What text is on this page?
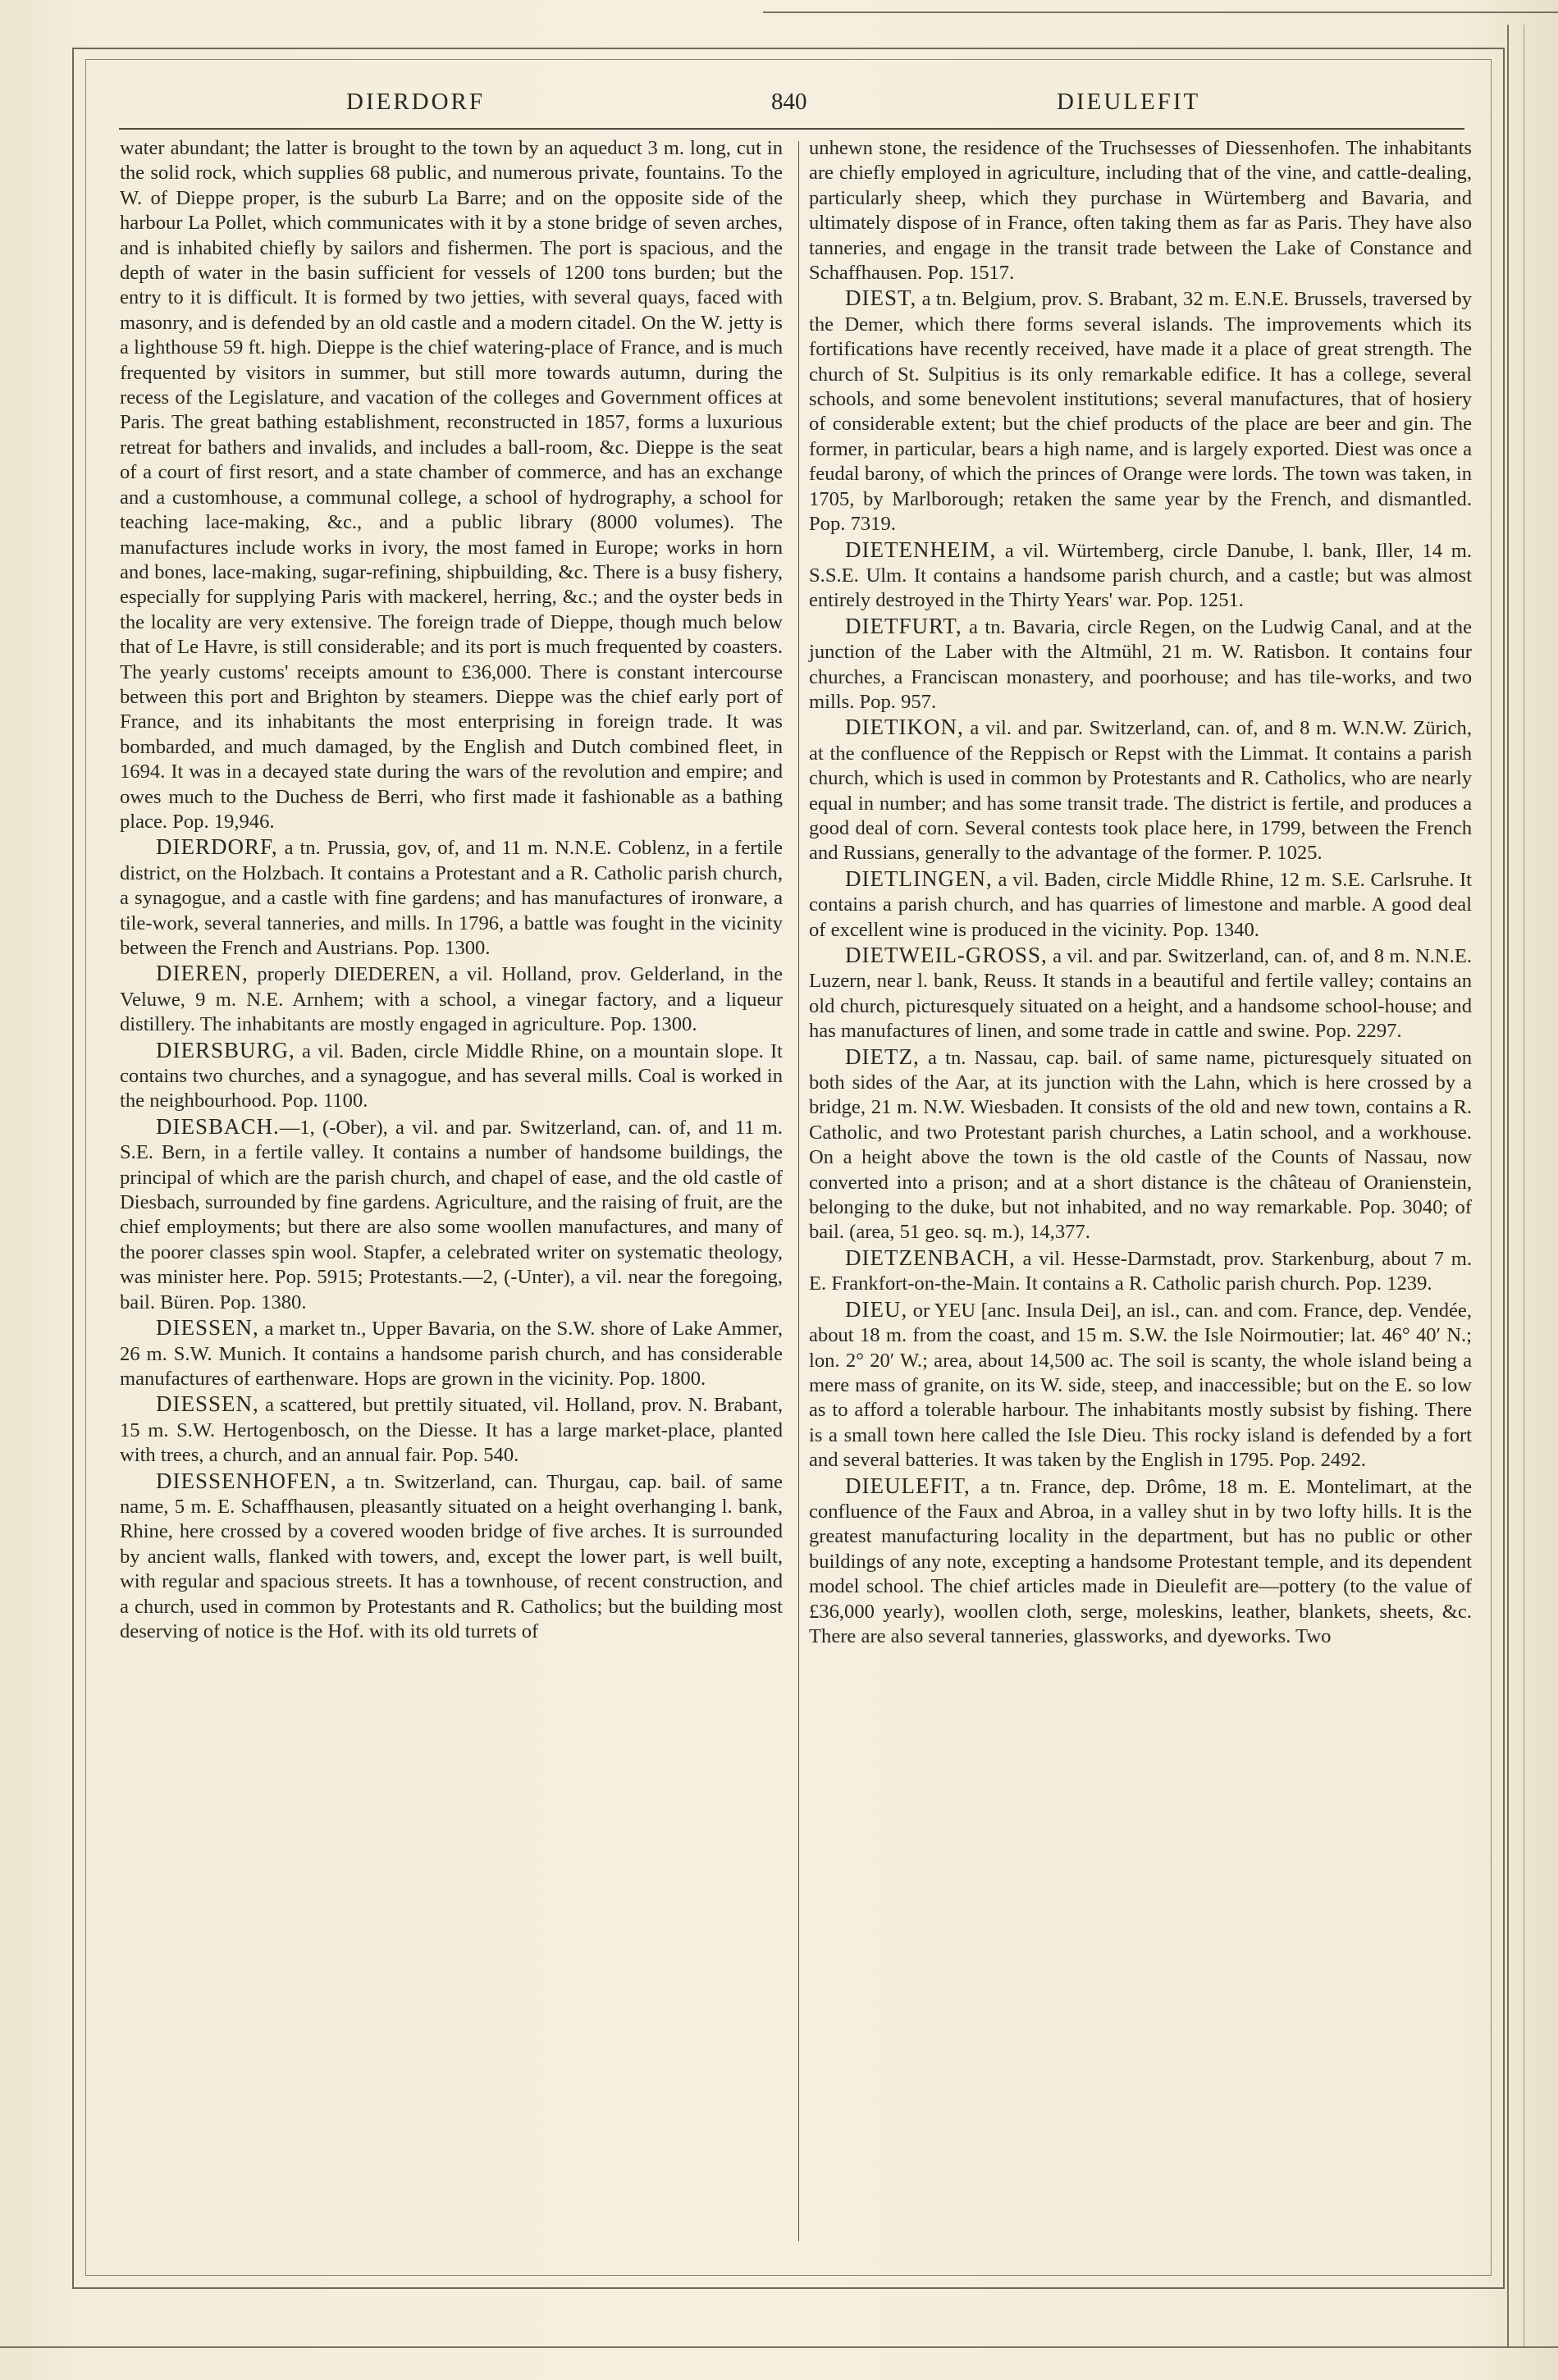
DIERDORF	840	DIEULEFIT

water abundant; the latter is brought to the town by an aqueduct 3 m. long, cut in the solid rock, which supplies 68 public, and numerous private, fountains. To the W. of Dieppe proper, is the suburb La Barre; and on the opposite side of the harbour La Pollet, which communicates with it by a stone bridge of seven arches, and is inhabited chiefly by sailors and fishermen. The port is spacious, and the depth of water in the basin sufficient for vessels of 1200 tons burden; but the entry to it is difficult. It is formed by two jetties, with several quays, faced with masonry, and is defended by an old castle and a modern citadel. On the W. jetty is a lighthouse 59 ft. high. Dieppe is the chief watering-place of France, and is much frequented by visitors in summer, but still more towards autumn, during the recess of the Legislature, and vacation of the colleges and Government offices at Paris. The great bathing establishment, reconstructed in 1857, forms a luxurious retreat for bathers and invalids, and includes a ball-room, &c. Dieppe is the seat of a court of first resort, and a state chamber of commerce, and has an exchange and a customhouse, a communal college, a school of hydrography, a school for teaching lace-making, &c., and a public library (8000 volumes). The manufactures include works in ivory, the most famed in Europe; works in horn and bones, lace-making, sugar-refining, shipbuilding, &c. There is a busy fishery, especially for supplying Paris with mackerel, herring, &c.; and the oyster beds in the locality are very extensive. The foreign trade of Dieppe, though much below that of Le Havre, is still considerable; and its port is much frequented by coasters. The yearly customs' receipts amount to £36,000. There is constant intercourse between this port and Brighton by steamers. Dieppe was the chief early port of France, and its inhabitants the most enterprising in foreign trade. It was bombarded, and much damaged, by the English and Dutch combined fleet, in 1694. It was in a decayed state during the wars of the revolution and empire; and owes much to the Duchess de Berri, who first made it fashionable as a bathing place. Pop. 19,946.

DIERDORF, a tn. Prussia, gov, of, and 11 m. N.N.E. Coblenz, in a fertile district, on the Holzbach. It contains a Protestant and a R. Catholic parish church, a synagogue, and a castle with fine gardens; and has manufactures of ironware, a tile-work, several tanneries, and mills. In 1796, a battle was fought in the vicinity between the French and Austrians. Pop. 1300.

DIEREN, properly DIEDEREN, a vil. Holland, prov. Gelderland, in the Veluwe, 9 m. N.E. Arnhem; with a school, a vinegar factory, and a liqueur distillery. The inhabitants are mostly engaged in agriculture. Pop. 1300.

DIERSBURG, a vil. Baden, circle Middle Rhine, on a mountain slope. It contains two churches, and a synagogue, and has several mills. Coal is worked in the neighbourhood. Pop. 1100.

DIESBACH.—1, (-Ober), a vil. and par. Switzerland, can. of, and 11 m. S.E. Bern, in a fertile valley. It contains a number of handsome buildings, the principal of which are the parish church, and chapel of ease, and the old castle of Diesbach, surrounded by fine gardens. Agriculture, and the raising of fruit, are the chief employments; but there are also some woollen manufactures, and many of the poorer classes spin wool. Stapfer, a celebrated writer on systematic theology, was minister here. Pop. 5915; Protestants.—2, (-Unter), a vil. near the foregoing, bail. Büren. Pop. 1380.

DIESSEN, a market tn., Upper Bavaria, on the S.W. shore of Lake Ammer, 26 m. S.W. Munich. It contains a handsome parish church, and has considerable manufactures of earthenware. Hops are grown in the vicinity. Pop. 1800.

DIESSEN, a scattered, but prettily situated, vil. Holland, prov. N. Brabant, 15 m. S.W. Hertogenbosch, on the Diesse. It has a large market-place, planted with trees, a church, and an annual fair. Pop. 540.

DIESSENHOFEN, a tn. Switzerland, can. Thurgau, cap. bail. of same name, 5 m. E. Schaffhausen, pleasantly situated on a height overhanging l. bank, Rhine, here crossed by a covered wooden bridge of five arches. It is surrounded by ancient walls, flanked with towers, and, except the lower part, is well built, with regular and spacious streets. It has a townhouse, of recent construction, and a church, used in common by Protestants and R. Catholics; but the building most deserving of notice is the Hof. with its old turrets of

unhewn stone, the residence of the Truchsesses of Diessenhofen. The inhabitants are chiefly employed in agriculture, including that of the vine, and cattle-dealing, particularly sheep, which they purchase in Würtemberg and Bavaria, and ultimately dispose of in France, often taking them as far as Paris. They have also tanneries, and engage in the transit trade between the Lake of Constance and Schaffhausen. Pop. 1517.

DIEST, a tn. Belgium, prov. S. Brabant, 32 m. E.N.E. Brussels, traversed by the Demer, which there forms several islands. The improvements which its fortifications have recently received, have made it a place of great strength. The church of St. Sulpitius is its only remarkable edifice. It has a college, several schools, and some benevolent institutions; several manufactures, that of hosiery of considerable extent; but the chief products of the place are beer and gin. The former, in particular, bears a high name, and is largely exported. Diest was once a feudal barony, of which the princes of Orange were lords. The town was taken, in 1705, by Marlborough; retaken the same year by the French, and dismantled. Pop. 7319.

DIETENHEIM, a vil. Würtemberg, circle Danube, l. bank, Iller, 14 m. S.S.E. Ulm. It contains a handsome parish church, and a castle; but was almost entirely destroyed in the Thirty Years' war. Pop. 1251.

DIETFURT, a tn. Bavaria, circle Regen, on the Ludwig Canal, and at the junction of the Laber with the Altmühl, 21 m. W. Ratisbon. It contains four churches, a Franciscan monastery, and poorhouse; and has tile-works, and two mills. Pop. 957.

DIETIKON, a vil. and par. Switzerland, can. of, and 8 m. W.N.W. Zürich, at the confluence of the Reppisch or Repst with the Limmat. It contains a parish church, which is used in common by Protestants and R. Catholics, who are nearly equal in number; and has some transit trade. The district is fertile, and produces a good deal of corn. Several contests took place here, in 1799, between the French and Russians, generally to the advantage of the former. P. 1025.

DIETLINGEN, a vil. Baden, circle Middle Rhine, 12 m. S.E. Carlsruhe. It contains a parish church, and has quarries of limestone and marble. A good deal of excellent wine is produced in the vicinity. Pop. 1340.

DIETWEIL-GROSS, a vil. and par. Switzerland, can. of, and 8 m. N.N.E. Luzern, near l. bank, Reuss. It stands in a beautiful and fertile valley; contains an old church, picturesquely situated on a height, and a handsome school-house; and has manufactures of linen, and some trade in cattle and swine. Pop. 2297.

DIETZ, a tn. Nassau, cap. bail. of same name, picturesquely situated on both sides of the Aar, at its junction with the Lahn, which is here crossed by a bridge, 21 m. N.W. Wiesbaden. It consists of the old and new town, contains a R. Catholic, and two Protestant parish churches, a Latin school, and a workhouse. On a height above the town is the old castle of the Counts of Nassau, now converted into a prison; and at a short distance is the château of Oranienstein, belonging to the duke, but not inhabited, and no way remarkable. Pop. 3040; of bail. (area, 51 geo. sq. m.), 14,377.

DIETZENBACH, a vil. Hesse-Darmstadt, prov. Starkenburg, about 7 m. E. Frankfort-on-the-Main. It contains a R. Catholic parish church. Pop. 1239.

DIEU, or YEU [anc. Insula Dei], an isl., can. and com. France, dep. Vendée, about 18 m. from the coast, and 15 m. S.W. the Isle Noirmoutier; lat. 46° 40′ N.; lon. 2° 20′ W.; area, about 14,500 ac. The soil is scanty, the whole island being a mere mass of granite, on its W. side, steep, and inaccessible; but on the E. so low as to afford a tolerable harbour. The inhabitants mostly subsist by fishing. There is a small town here called the Isle Dieu. This rocky island is defended by a fort and several batteries. It was taken by the English in 1795. Pop. 2492.

DIEULEFIT, a tn. France, dep. Drôme, 18 m. E. Montelimart, at the confluence of the Faux and Abroa, in a valley shut in by two lofty hills. It is the greatest manufacturing locality in the department, but has no public or other buildings of any note, excepting a handsome Protestant temple, and its dependent model school. The chief articles made in Dieulefit are—pottery (to the value of £36,000 yearly), woollen cloth, serge, moleskins, leather, blankets, sheets, &c. There are also several tanneries, glassworks, and dyeworks. Two
